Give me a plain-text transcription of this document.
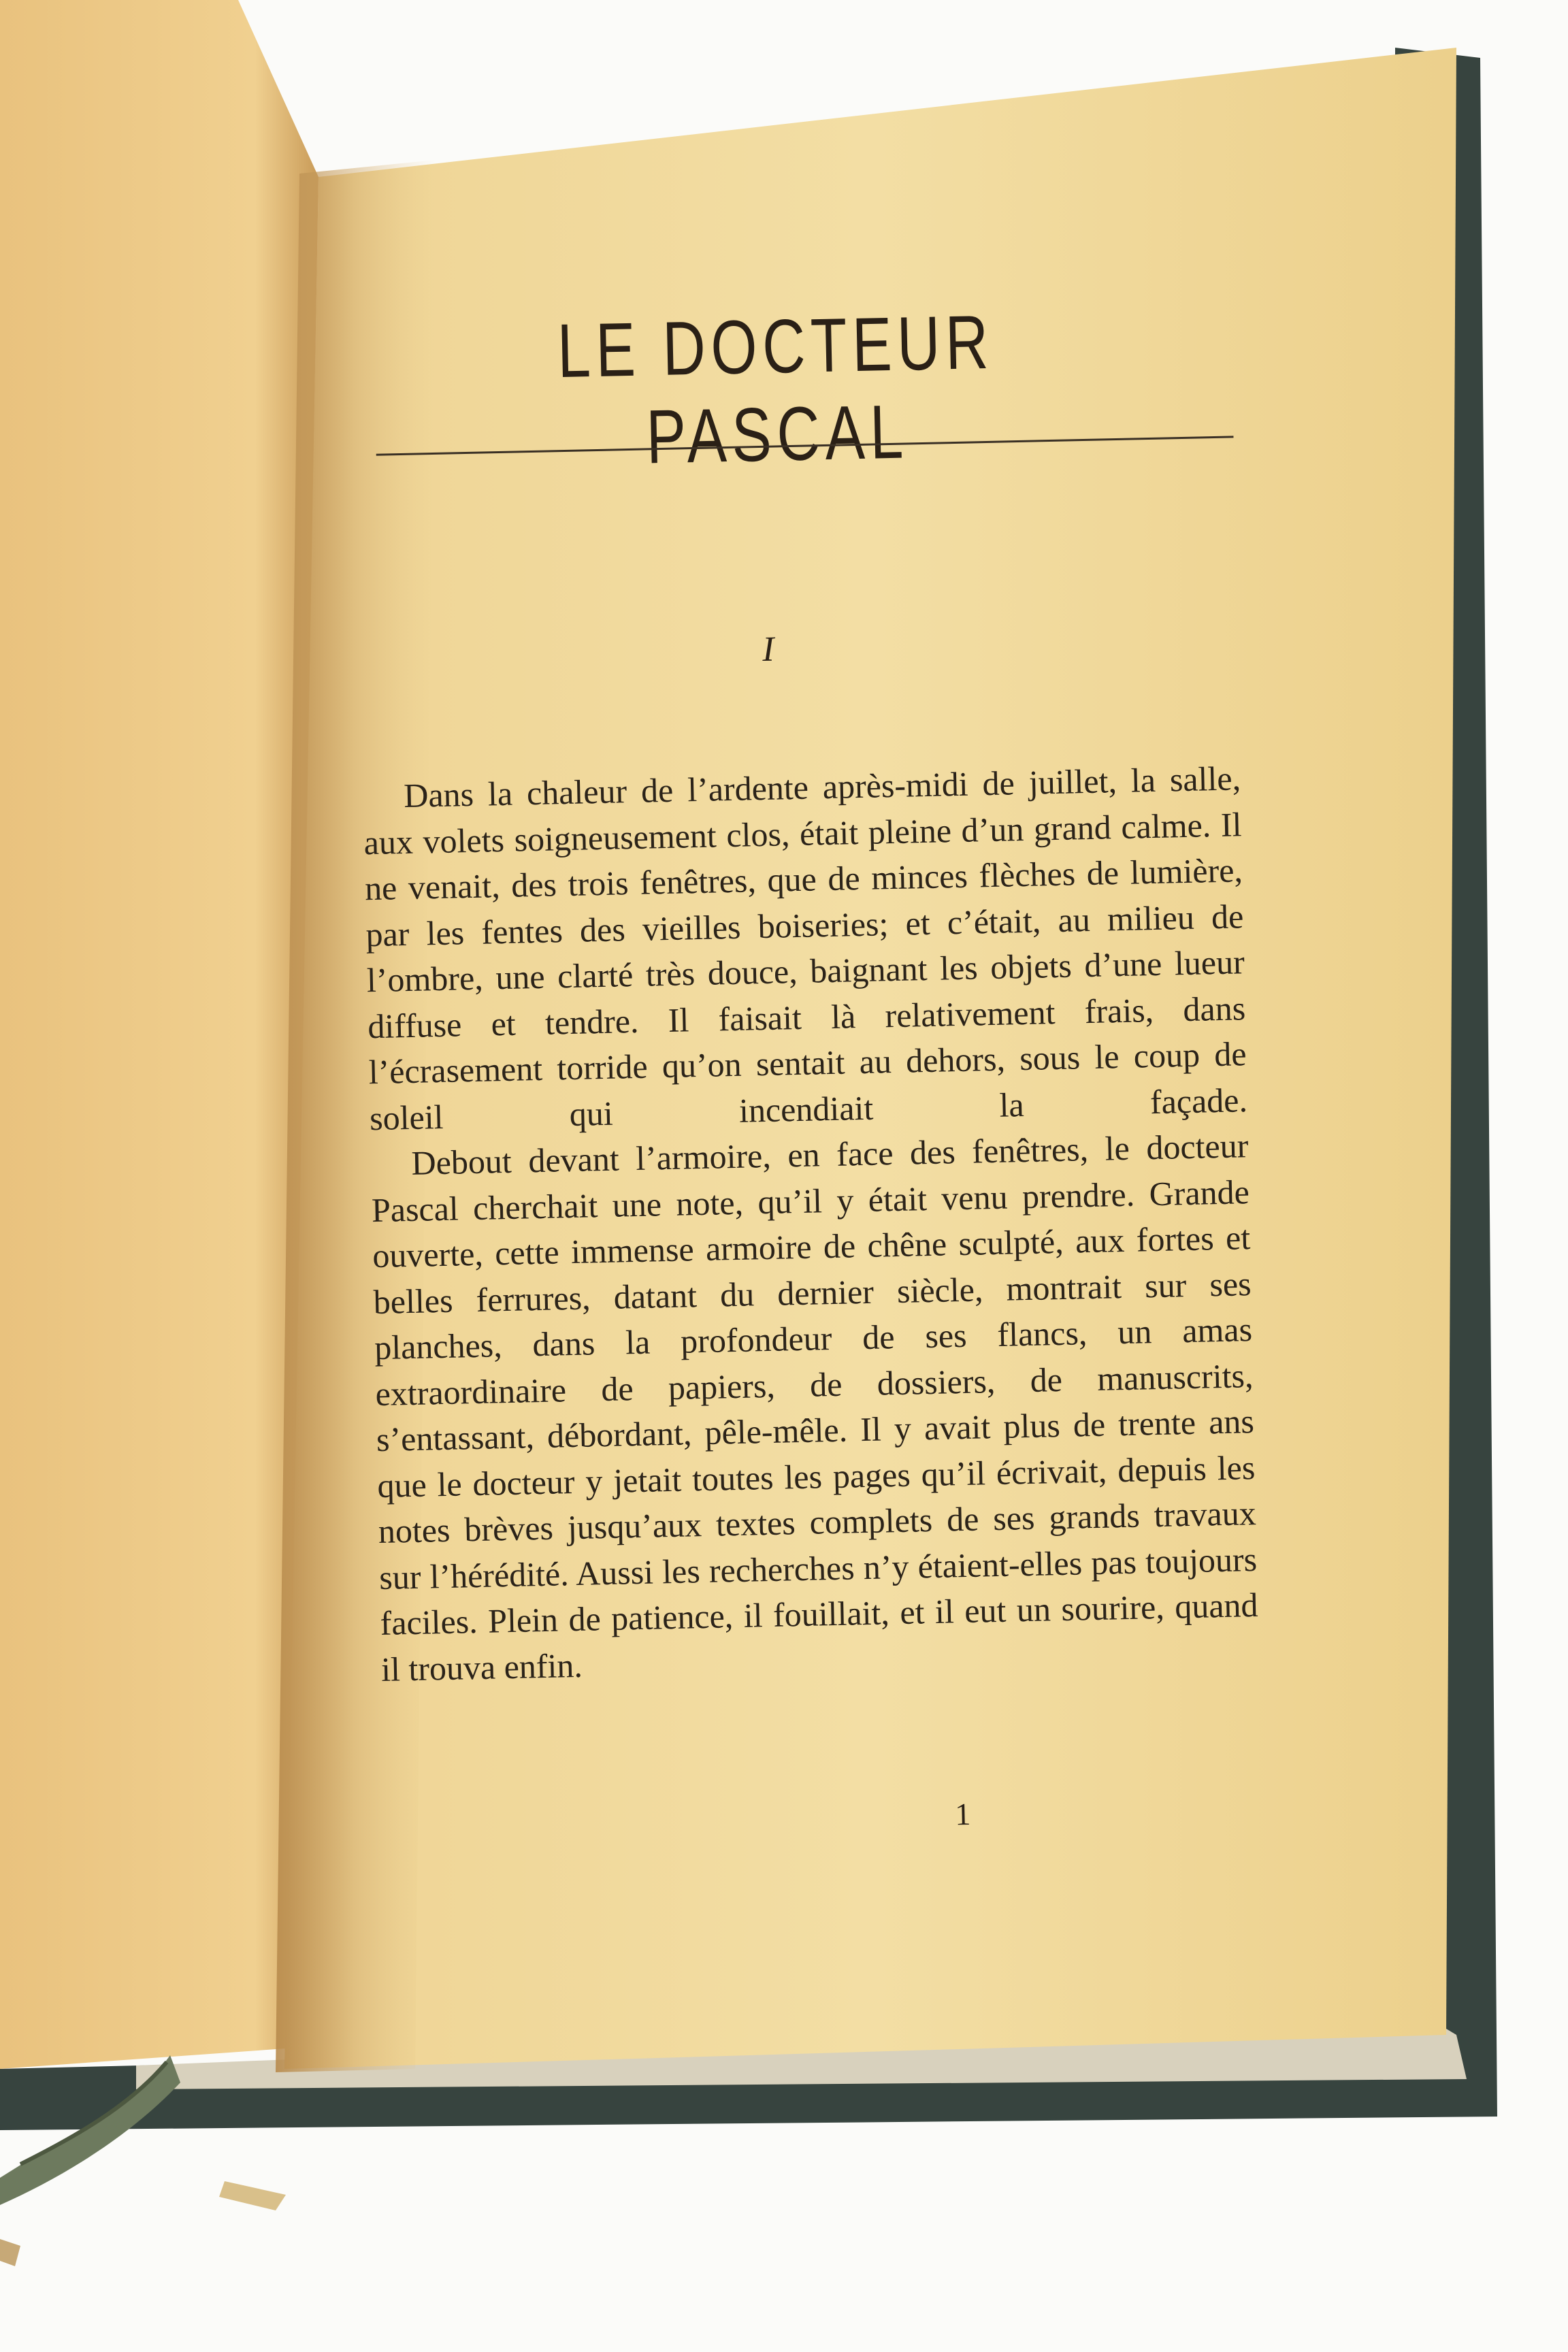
LE DOCTEUR PASCAL
I

Dans la chaleur de l’ardente après-midi de juillet, la salle, aux volets soigneusement clos, était pleine d’un grand calme. Il ne venait, des trois fenêtres, que de minces flèches de lumière, par les fentes des vieilles boiseries; et c’était, au milieu de l’ombre, une clarté très douce, baignant les objets d’une lueur diffuse et tendre. Il faisait là relativement frais, dans l’écrasement torride qu’on sentait au dehors, sous le coup de soleil qui incendiait la façade.

Debout devant l’armoire, en face des fenêtres, le docteur Pascal cherchait une note, qu’il y était venu prendre. Grande ouverte, cette immense armoire de chêne sculpté, aux fortes et belles ferrures, datant du dernier siècle, montrait sur ses planches, dans la profondeur de ses flancs, un amas extraordinaire de papiers, de dossiers, de manuscrits, s’entassant, débordant, pêle-mêle. Il y avait plus de trente ans que le docteur y jetait toutes les pages qu’il écrivait, depuis les notes brèves jusqu’aux textes complets de ses grands travaux sur l’hérédité. Aussi les recherches n’y étaient-elles pas toujours faciles. Plein de patience, il fouillait, et il eut un sourire, quand il trouva enfin.

1
